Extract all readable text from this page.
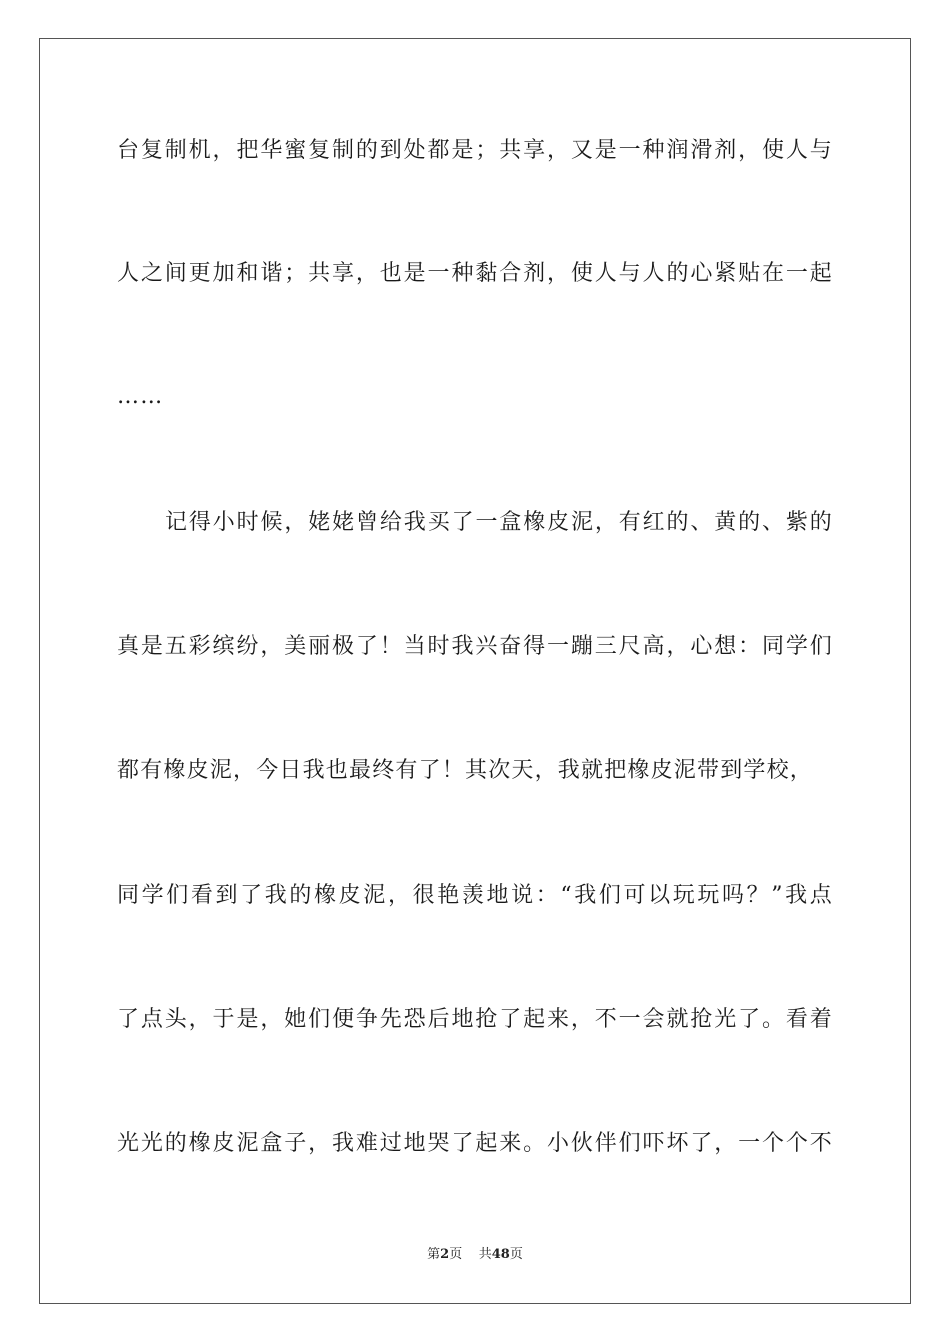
台复制机，把华蜜复制的到处都是；共享，又是一种润滑剂，使人与
人之间更加和谐；共享，也是一种黏合剂，使人与人的心紧贴在一起
……
记得小时候，姥姥曾给我买了一盒橡皮泥，有红的、黄的、紫的
真是五彩缤纷，美丽极了！当时我兴奋得一蹦三尺高，心想：同学们
都有橡皮泥，今日我也最终有了！其次天，我就把橡皮泥带到学校，
同学们看到了我的橡皮泥，很艳羡地说：“我们可以玩玩吗？”我点
了点头，于是，她们便争先恐后地抢了起来，不一会就抢光了。看着
光光的橡皮泥盒子，我难过地哭了起来。小伙伴们吓坏了，一个个不
第2页 共48页
